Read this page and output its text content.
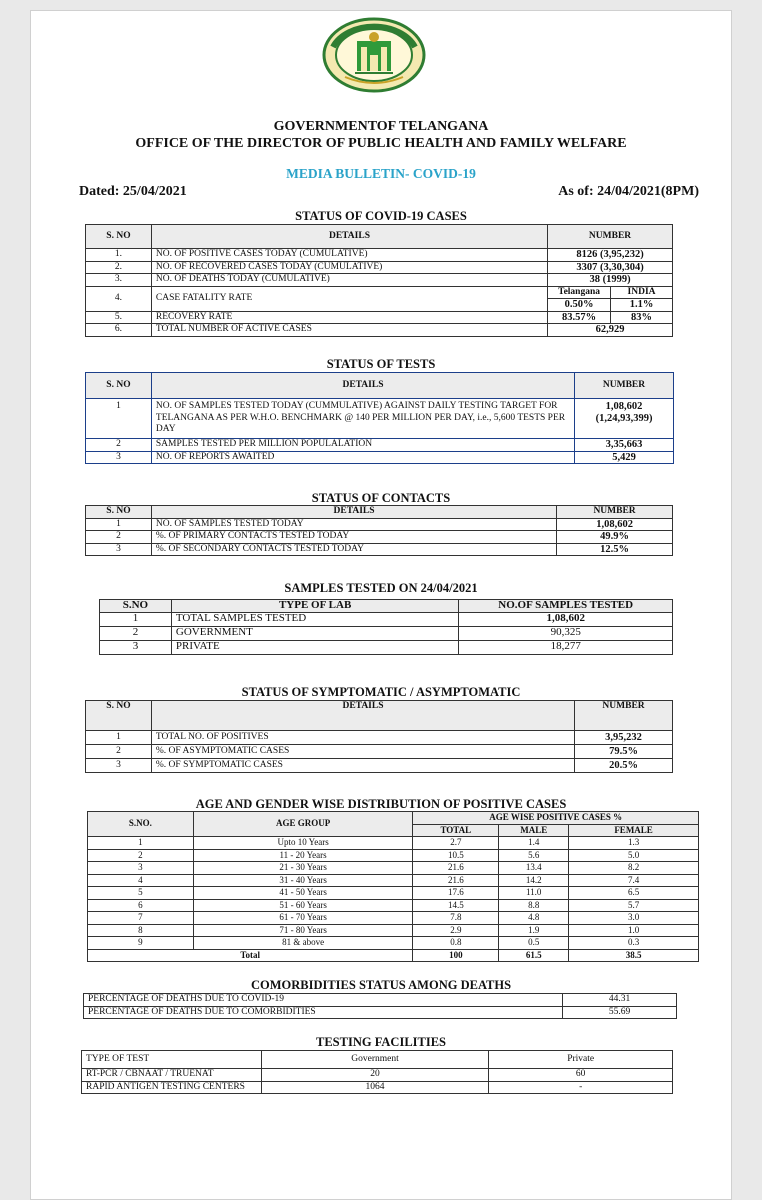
GOVERNMENTOF TELANGANA
OFFICE OF THE DIRECTOR OF PUBLIC HEALTH AND FAMILY WELFARE
MEDIA BULLETIN- COVID-19
Dated: 25/04/2021	As of: 24/04/2021(8PM)
STATUS OF COVID-19 CASES
S. NO	DETAILS	NUMBER	
1.	NO. OF POSITIVE CASES TODAY (CUMULATIVE)	8126 (3,95,232)	
2.	NO. OF RECOVERED CASES TODAY (CUMULATIVE)	3307 (3,30,304)	
3.	NO. OF DEATHS TODAY (CUMULATIVE)	38 (1999)	
4.	CASE FATALITY RATE	Telangana	INDIA
		0.50%	1.1%
5.	RECOVERY RATE	83.57%	83%
6.	TOTAL NUMBER OF ACTIVE CASES	62,929	
STATUS OF TESTS
S. NO	DETAILS	NUMBER
1	NO. OF SAMPLES TESTED TODAY (CUMMULATIVE) AGAINST DAILY TESTING TARGET FOR TELANGANA AS PER W.H.O. BENCHMARK @ 140 PER MILLION PER DAY, i.e., 5,600 TESTS PER DAY	1,08,602
(1,24,93,399)

2	SAMPLES TESTED PER MILLION POPULALATION	3,35,663
3	NO. OF REPORTS AWAITED	5,429
STATUS OF CONTACTS
S. NO	DETAILS	NUMBER
1	NO. OF SAMPLES TESTED TODAY	1,08,602
2	%. OF PRIMARY CONTACTS TESTED TODAY	49.9%
3	%. OF SECONDARY CONTACTS TESTED TODAY	12.5%
SAMPLES TESTED ON 24/04/2021
S.NO	TYPE OF LAB	NO.OF SAMPLES TESTED
1	TOTAL SAMPLES TESTED	1,08,602
2	GOVERNMENT	90,325
3	PRIVATE	18,277
STATUS OF SYMPTOMATIC / ASYMPTOMATIC
S. NO	DETAILS	NUMBER
1	TOTAL NO. OF POSITIVES	3,95,232
2	%. OF ASYMPTOMATIC CASES	79.5%
3	%. OF SYMPTOMATIC CASES	20.5%
AGE AND GENDER WISE DISTRIBUTION OF POSITIVE CASES
S.NO.	AGE GROUP	AGE WISE POSITIVE CASES %		
		TOTAL	MALE	FEMALE
1	Upto 10 Years	2.7	1.4	1.3
2	11 - 20 Years	10.5	5.6	5.0
3	21 - 30 Years	21.6	13.4	8.2
4	31 - 40 Years	21.6	14.2	7.4
5	41 - 50 Years	17.6	11.0	6.5
6	51 - 60 Years	14.5	8.8	5.7
7	61 - 70 Years	7.8	4.8	3.0
8	71 - 80 Years	2.9	1.9	1.0
9	81 & above	0.8	0.5	0.3
Total		100	61.5	38.5
COMORBIDITIES STATUS AMONG DEATHS
PERCENTAGE OF DEATHS DUE TO COVID-19	44.31
PERCENTAGE OF DEATHS DUE TO COMORBIDITIES	55.69
TESTING FACILITIES
TYPE OF TEST	Government	Private
RT-PCR / CBNAAT / TRUENAT	20	60
RAPID ANTIGEN TESTING CENTERS	1064	-
